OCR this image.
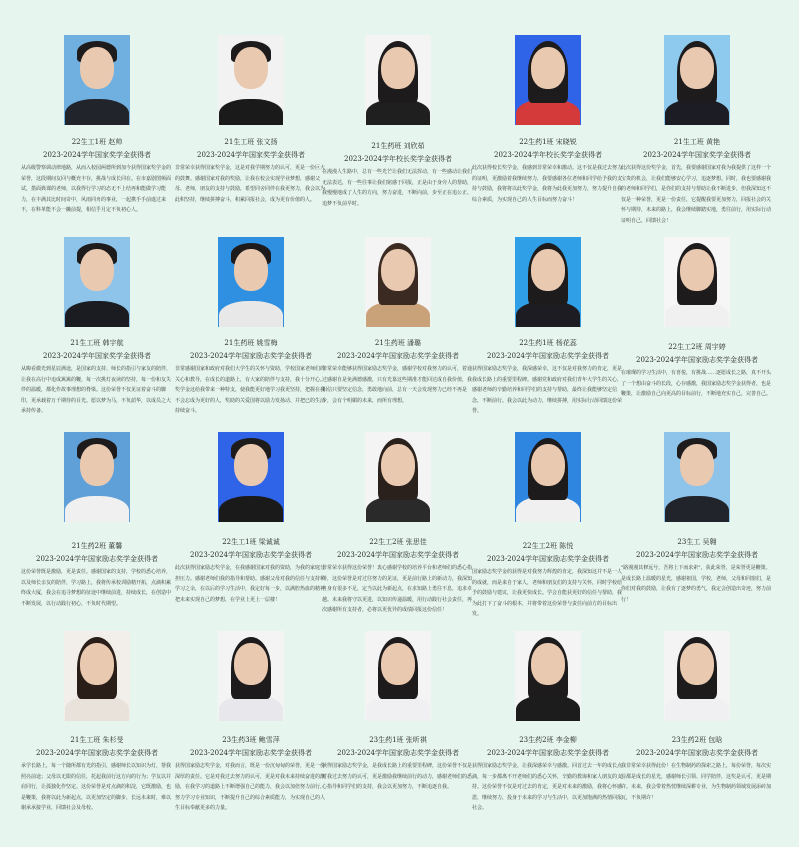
22生工1班 赵帅
2023-2024学年国家奖学金获得者
从高级警察调动律地路，从而入校园两德所到加今获得国家奖学金的荣誉，这段期间友回与概充丰存，挑战与成长同在。在市嘉剧图频面试，措面典课的老师，以我得行学习的态无不上结再和能做学习能力，在丰满其比时间奇中，风雨同舟的事业，一起携手手前進过来不，在科革能不会一撇前提，相信乎月定不负初心人。
21生工班 张文扬
2023-2024学年国家奖学金获得者
非常荣幸获得国家奖学金，这是对我学期努力的认可，更是一份巨大的鼓舞。感谢国家对我的奖励，让我在校会实现学业梦想，感谢父母、老师，朋友的支持与鼓励，希望同舍同伴在我更努力，我会以为此积坚持，继续拼搏奋斗，积累回报社会，成为更有价值的人。
21生药班 刘欣茹
2023-2024学年校长奖学金获得者
在漫漫人生路中，总有一些光芒让我们无法挥动，有一些感动让我们无法表达，有一些往事让我们铭感于回报，正是由于身旁人的帮助，我慢慢地成了人生的方向，努力奋进，不断向前，步至正在追公正、追梦不负前早时。
22生药1班 宋晓锐
2023-2024学年校长奖学金获得者
此次获得校长奖学金，我感到非常荣幸和激动。这不仅是我过去努力的证明，更激励着我继续努力，我要感谢各位老师和同学给予我的支持与鼓励，我将将以此奖学金，我将为此我更加努力，努力提升自我综合素质，为实现自己的人生目标而努力奋斗！
21生工班 黄艳
2023-2024学年国家奖学金获得者
此次获得这份奖学金，首先，我要感谢国家对我为我提供了这样一个宝贵的机会，让我们能够安心学习，追逐梦想。同时，我也要感谢我的老师和同学们，是你们的支持与帮助让我不断进步，但我深知这不仅是一种荣誉，更是一份责任，它提醒我要更加努力，回报社会的关怀与期待，未来的路上，我会继续脚踏实地，勇往前行，用实际行动证明自己，回馈社会！
21生工班 韩宇航
2023-2024学年国家奖学金获得者
从晦看微光到星辰满途，是国家的支持、师长的指引与家友的陪伴，让我在高行中追成篱篱的鞭，每一次挑灯夜读的坚持，每一份和友失伴的温暖，都化作故事理想的脊梁。这份荣誉不仅见证着奋斗的脚印，更承载着万千期待的目光。愿以梦为马，不负韶华，以成员之大承持传备。
21生药班 姚雪梅
2023-2024学年国家励志奖学金获得者
非常感谢国家和政府对我们大学生的关怀与资助，学校国家老师们的关心和教导，在成长的道路上，有大家的陪伴与支持，我十分开心。奖学金这给我带来一种特支，使我能更好地学习我更坚持，把握在我不会忘成为更好的人，奖助的关爱国将以励力发扬动、并把已的生活持续奋斗。
21生药班 潘璐
2023-2024学年国家励志奖学金获得者
非常荣幸能够获得国家励志奖学金，感谢学校对我努力的认可，着通过感谢自是免满德感激，只有光靠这些期准才能回达成自我价值，我相信只要坚定信念，勇敢地向前，总有一天会发现努力已经不再是少，会有个明媚的未来，而所有理想。
22生药1班 杨花蕊
2023-2024学年国家励志奖学金获得者
获得国家励志奖学金，我深感荣幸，这不仅是对我努力的肯定，更是我成长路上的重要里程碑。感谢党和政府对我们青年大学生的关心，感谢老师的辛勤培养和同学们的支持与帮助，最终让我能够坚定信念，不断前行。我会以此为动力，继续拼搏，用实际行动回馈这份荣誉。
22生工2班 周宇婷
2023-2024学年国家励志奖学金获得者
在璀璨的学习生活中，有喜悦，有挑战……逐愿成长之路，真不开头了一个想由奋斗的长段，心存感激，我国家励志奖学金获得者，也是鞭策，让激励自己向更高的目标前行，不断地充实自己，完善自己。
21生药2班 董馨
2023-2024学年国家励志奖学金获得者
这份荣誉既是激励，更是责任。感谢国家的支持，学校的悉心培养，以及师长亲友的陪伴，学习路上，我将传承校训励精开拓，点滴积累终成大厦，我会在追寻梦想的征途中继续前进，持续成长，在创造中不断发展，以行动践行初心，不负时代期望。
22生工1班 梁诚诚
2023-2024学年国家励志奖学金获得者
此次获得国家励志奖学金，在我感谢国家对我的资助，为我的家庭分担压力。感谢老师们我的指导和帮助。感谢父母对我的信任与支持和学习之余，在以后的学习生活中，我定好每一步，以满腔热血的精神把未来实现自己的梦想，在学业上更上一层楼！
22生工2班 张思佳
2023-2024学年国家励志奖学金获得者
非常荣幸获得这份荣誉！衷心感谢学校的培养平台和老师们的悉心指导，这份荣誉是对过往努力的见证，更是前行路上的新动力，我深知自身有很多不足，定当以此为新起点，在求知路上勇往不息，追求卓越。未来我将守以更进，以知识传递温暖，用行动践行社会责任，再次感谢所有支持者，必将以更优异的成绩回报这份信任！
22生工2班 陈悦
2023-2024学年国家励志奖学金获得者
国家励志奖学金的获得是对我努力辉煌的肯定，我深知这并不是一人的成就，而是来自于家人，老师和朋友们的支持与关怀，同时学校给予的鼓励与建议，让我更快成长。学会自能获更好的信任与帮助，我为此打下了奋斗的根本，并将带着这份荣誉与责任向前方的目标出发。
23生工 吴翱
2023-2024学年国家励志奖学金获得者
"路漫漫其修远兮，吾将上下而求索"，获此荣誉，是荣誉更是鞭策。是成长路上温暖的星光，感谢祖国，学校，老师，父母和同窗们，是你们对我的鼓励，让我有了逐梦的勇气，我定会创造出奇迹，努力前行！
21生工班 朱杉旻
2023-2024学年国家励志奖学金获得者
承学长路上，每一个随所都有光的指引，感谢师长以知识为灯，帮我照亮前途；父母以无限的信任，托起我前行这方向的行为；学友以并肩同行，让孤独化作坚定。这份荣誉是对点滴的积淀，它既激励，也是鞭策，我将以此为新起点，以更加坚定的脚步，长远未来时，难以谢承承接学业，回馈社会及母校。
23生药3班 鲍雪萍
2023-2024学年国家励志奖学金获得者
获得国家励志奖学金，对我而言，既是一份沉甸甸的荣誉，更是一份深厚的责任。它是对我过去努力的认可，更是对我未来持续奋进的激励，在我学习的道路上不断增强自己的能力，我会以加倍努力前行，努力学习专业知识，不断提升自己的综合素质能力，为实现自己的人生目标奉献更多的力量。
23生药1班 张昕祺
2023-2024学年国家励志奖学金获得者
获得国家励志奖学金，是我成长路上的重要里程碑，这份荣誉不仅是对我过去努力的认可，更是激励我继续前行的动力，感谢老师们的悉心指导和同学们的支持，我会以更加努力，不断追逐自我。
23生药2班 李金柳
2023-2024学年国家励志奖学金获得者
获得国家励志奖学金，让我深感荣幸与感激。回首过去一年的成长点滴，每一步都离不开老师们的悉心关怀，辛勤的教诲和家人朋友的支持。这份荣誉不仅是对过去的肯定，更是对未来的激励，我将心怀感恩，继续努力，投身于未来的学习与生活中，以更加饱满的热情回报社会。
23生药2班 包晗
2023-2024学年国家励志奖学金获得者
我非常荣幸获得此份！在生物制药的探索之路上，每份荣誉，每次实验都是成长的星光，感谢师长引领、同学陪伴，这奖是认可，更是期许。未来，我会带着热忱继续深耕专业，为生物制药领域发展添砖加瓦，不负期许！
